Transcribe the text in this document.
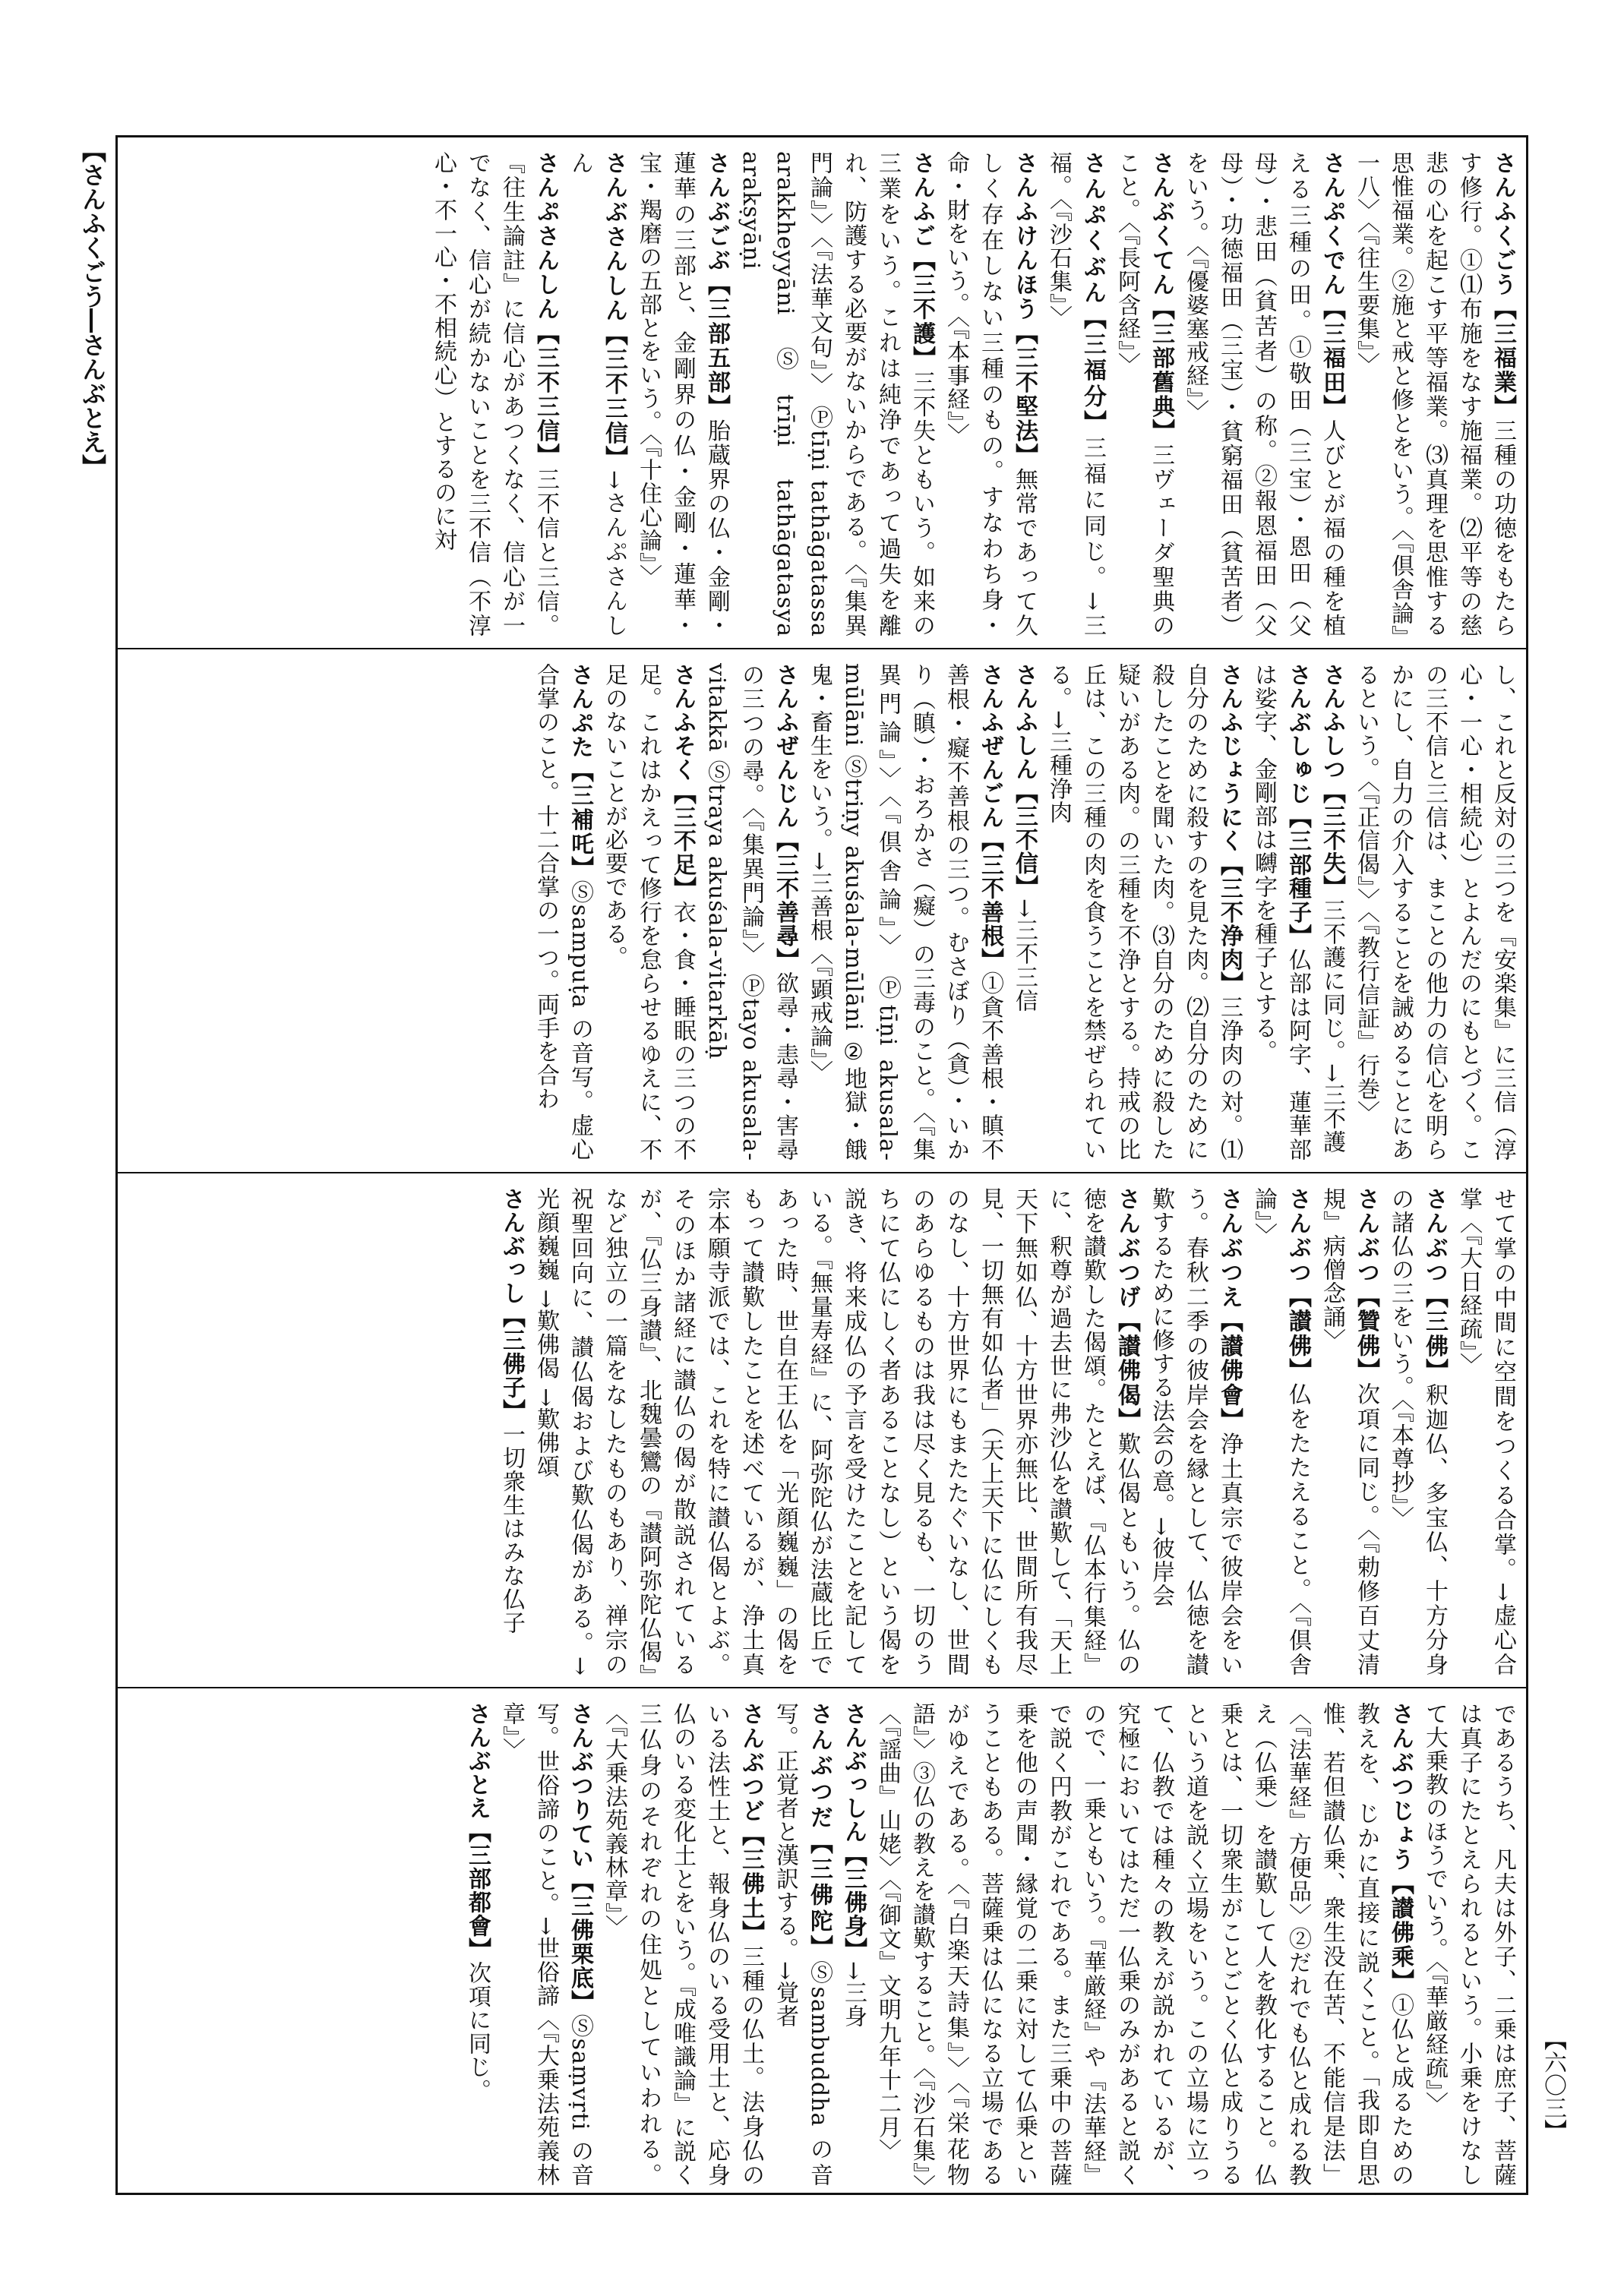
【さんふくごう―さんぶとえ】	さんふくごう【三福業】三種の功徳をもたらす修行。①⑴布施をなす施福業。⑵平等の慈悲の心を起こす平等福業。⑶真理を思惟する思惟福業。②施と戒と修とをいう。〈『倶舎論』一八〉〈『往生要集』〉

さんぷくでん【三福田】人びとが福の種を植える三種の田。①敬田（三宝）・恩田（父母）・悲田（貧苦者）の称。②報恩福田（父母）・功徳福田（三宝）・貧窮福田（貧苦者）をいう。〈『優婆塞戒経』〉

さんぶくてん【三部舊典】三ヴェーダ聖典のこと。〈『長阿含経』〉

さんぷくぶん【三福分】三福に同じ。→三福。〈『沙石集』〉

さんふけんほう【三不堅法】無常であって久しく存在しない三種のもの。すなわち身・命・財をいう。〈『本事経』〉

さんふご【三不護】三不失ともいう。如来の三業をいう。これは純浄であって過失を離れ、防護する必要がないからである。〈『集異門論』〉〈『法華文句』〉 Ⓟtīṇi tathāgatassa arakkheyyāni Ⓢtrīṇi tathāgatasya arakṣyāṇi

さんぶごぶ【三部五部】胎蔵界の仏・金剛・蓮華の三部と、金剛界の仏・金剛・蓮華・宝・羯磨の五部とをいう。〈『十住心論』〉

さんぶさんしん【三不三信】→さんぷさんしん

さんぷさんしん【三不三信】三不信と三信。『往生論註』に信心があつくなく、信心が一でなく、信心が続かないことを三不信（不淳心・不一心・不相続心）とするのに対

し、これと反対の三つを『安楽集』に三信（淳心・一心・相続心）とよんだのにもとづく。この三不信と三信は、まことの他力の信心を明らかにし、自力の介入することを誡めることにあるという。〈『正信偈』〉〈『教行信証』行巻〉

さんふしつ【三不失】三不護に同じ。→三不護

さんぶしゅじ【三部種子】仏部は阿字、蓮華部は娑字、金剛部は嚩字を種子とする。

さんふじょうにく【三不浄肉】三浄肉の対。⑴自分のために殺すのを見た肉。⑵自分のために殺したことを聞いた肉。⑶自分のために殺した疑いがある肉。の三種を不浄とする。持戒の比丘は、この三種の肉を食うことを禁ぜられている。→三種浄肉

さんふしん【三不信】→三不三信

さんふぜんごん【三不善根】①貪不善根・瞋不善根・癡不善根の三つ。むさぼり（貪）・いかり（瞋）・おろかさ（癡）の三毒のこと。〈『集異門論』〉〈『倶舎論』〉 Ⓟtīṇi akusala-mūlāni Ⓢtriṇy akuśala-mūlāni ②地獄・餓鬼・畜生をいう。→三善根〈『顕戒論』〉

さんふぜんじん【三不善尋】欲尋・恚尋・害尋の三つの尋。〈『集異門論』〉 Ⓟtayo akusala-vitakkā Ⓢtraya akuśala-vitarkāḥ

さんふそく【三不足】衣・食・睡眠の三つの不足。これはかえって修行を怠らせるゆえに、不足のないことが必要である。

さんぷた【三補吒】Ⓢsampuṭa の音写。虚心合掌のこと。十二合掌の一つ。両手を合わ

せて掌の中間に空間をつくる合掌。→虚心合掌〈『大日経疏』〉

さんぶつ【三佛】釈迦仏、多宝仏、十方分身の諸仏の三をいう。〈『本尊抄』〉

さんぶつ【贊佛】次項に同じ。〈『勅修百丈清規』病僧念誦〉

さんぶつ【讃佛】仏をたたえること。〈『倶舎論』〉

さんぶつえ【讃佛會】浄土真宗で彼岸会をいう。春秋二季の彼岸会を縁として、仏徳を讃歎するために修する法会の意。→彼岸会

さんぶつげ【讃佛偈】歎仏偈ともいう。仏の徳を讃歎した偈頌。たとえば、『仏本行集経』に、釈尊が過去世に弗沙仏を讃歎して、「天上天下無如仏、十方世界亦無比、世間所有我尽見、一切無有如仏者」（天上天下に仏にしくものなし、十方世界にもまたたぐいなし、世間のあらゆるものは我は尽く見るも、一切のうちにて仏にしく者あることなし）という偈を説き、将来成仏の予言を受けたことを記している。『無量寿経』に、阿弥陀仏が法蔵比丘であった時、世自在王仏を「光顔巍巍」の偈をもって讃歎したことを述べているが、浄土真宗本願寺派では、これを特に讃仏偈とよぶ。そのほか諸経に讃仏の偈が散説されているが、『仏三身讃』、北魏曇鸞の『讃阿弥陀仏偈』など独立の一篇をなしたものもあり、禅宗の祝聖回向に、讃仏偈および歎仏偈がある。→光顔巍巍 →歎佛偈 →歎佛頌

さんぶっし【三佛子】一切衆生はみな仏子

であるうち、凡夫は外子、二乗は庶子、菩薩は真子にたとえられるという。小乗をけなして大乗教のほうでいう。〈『華厳経疏』〉

さんぶつじょう【讃佛乘】①仏と成るための教えを、じかに直接に説くこと。「我即自思惟、若但讃仏乗、衆生没在苦、不能信是法」〈『法華経』方便品〉②だれでも仏と成れる教え（仏乗）を讃歎して人を教化すること。仏乗とは、一切衆生がことごとく仏と成りうるという道を説く立場をいう。この立場に立って、仏教では種々の教えが説かれているが、究極においてはただ一仏乗のみがあると説くので、一乗ともいう。『華厳経』や『法華経』で説く円教がこれである。また三乗中の菩薩乗を他の声聞・縁覚の二乗に対して仏乗ということもある。菩薩乗は仏になる立場であるがゆえである。〈『白楽天詩集』〉〈『栄花物語』〉③仏の教えを讃歎すること。〈『沙石集』〉〈『謡曲』山姥〉〈『御文』文明九年十二月〉

さんぶっしん【三佛身】→三身

さんぶつだ【三佛陀】Ⓢsambuddha の音写。正覚者と漢訳する。→覚者

さんぶつど【三佛土】三種の仏土。法身仏のいる法性土と、報身仏のいる受用土と、応身仏のいる変化土とをいう。『成唯識論』に説く三仏身のそれぞれの住処としていわれる。〈『大乗法苑義林章』〉

さんぶつりてい【三佛栗底】Ⓢsaṃvṛti の音写。世俗諦のこと。→世俗諦〈『大乗法苑義林章』〉

さんぶとえ【三部都會】次項に同じ。	【六〇三】
